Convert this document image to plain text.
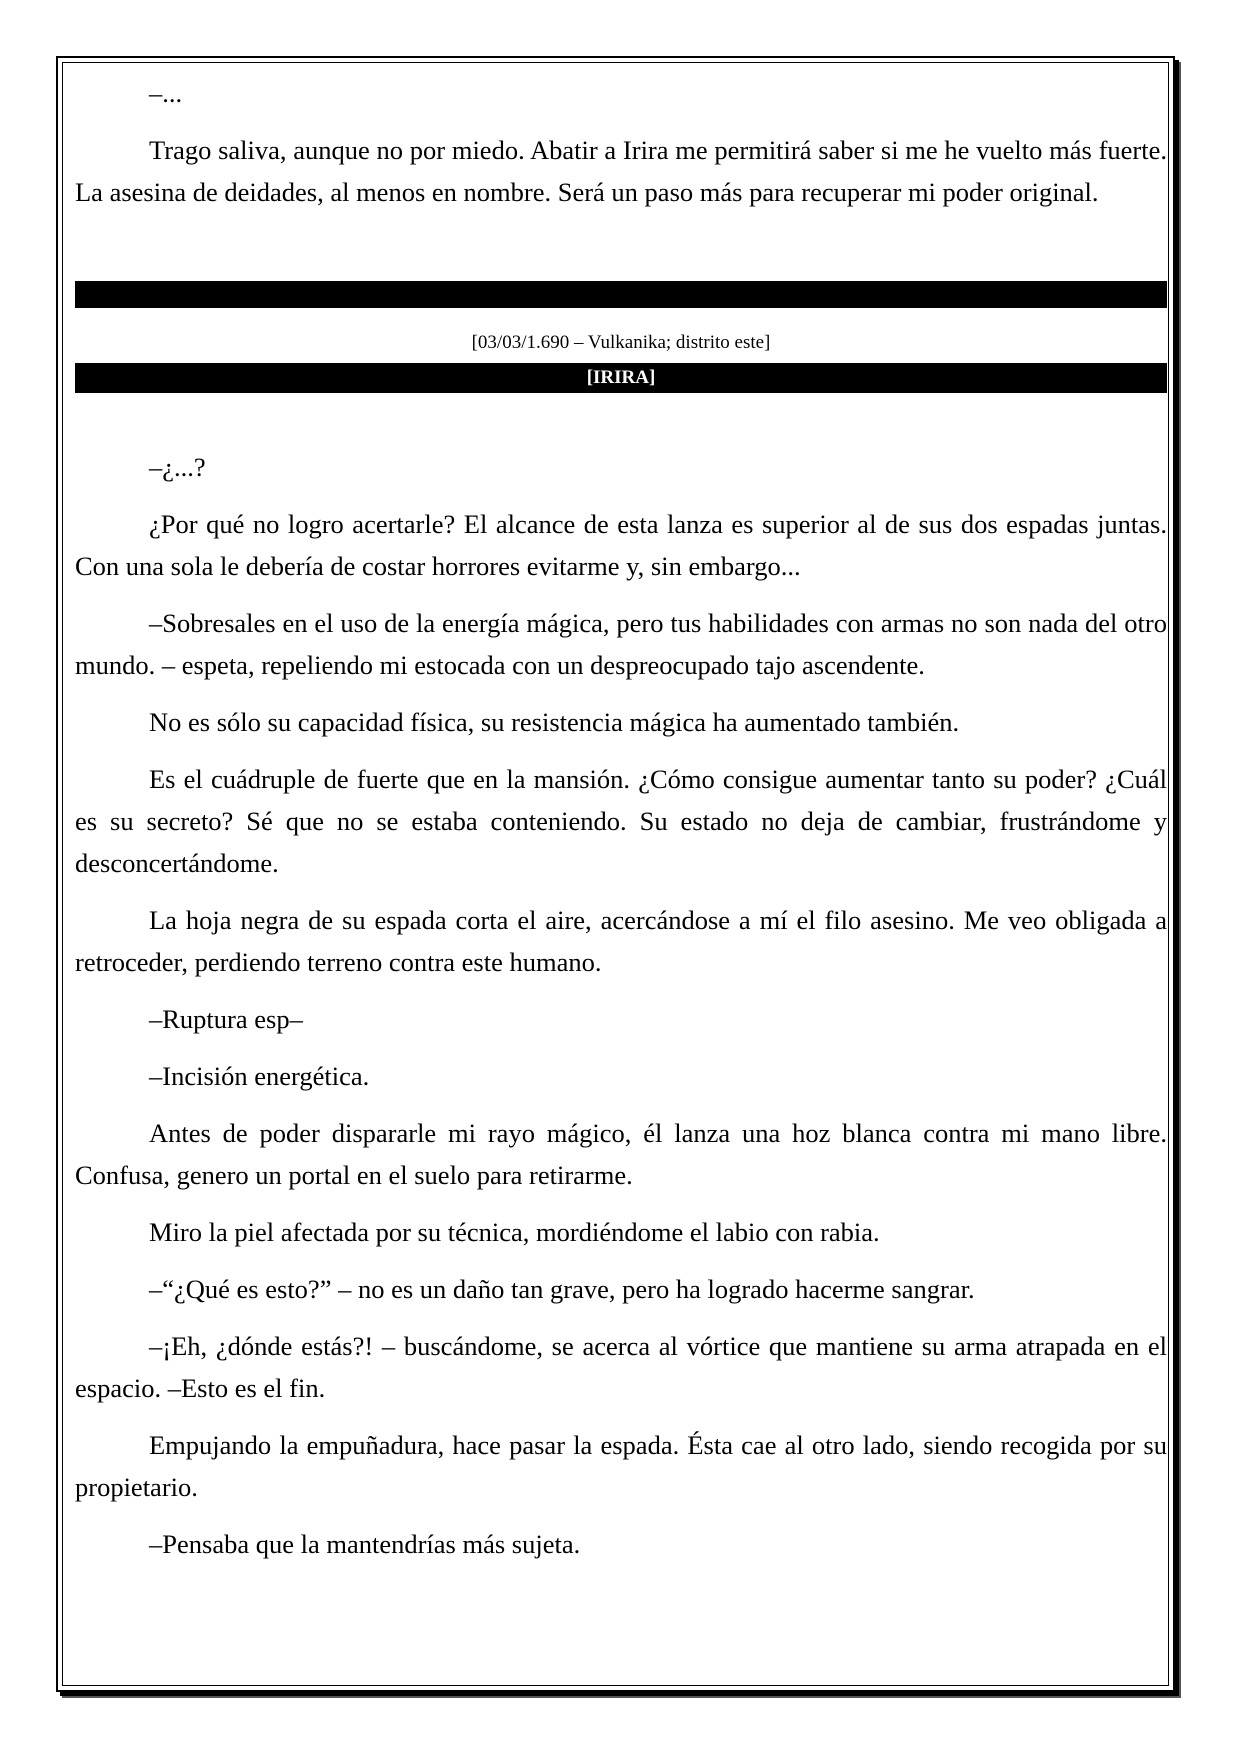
–...

Trago saliva, aunque no por miedo. Abatir a Irira me permitirá saber si me he vuelto más fuerte. La asesina de deidades, al menos en nombre. Será un paso más para recuperar mi poder original.

[03/03/1.690 – Vulkanika; distrito este]
[IRIRA]

–¿...?

¿Por qué no logro acertarle? El alcance de esta lanza es superior al de sus dos espadas juntas. Con una sola le debería de costar horrores evitarme y, sin embargo...

–Sobresales en el uso de la energía mágica, pero tus habilidades con armas no son nada del otro mundo. – espeta, repeliendo mi estocada con un despreocupado tajo ascendente.

No es sólo su capacidad física, su resistencia mágica ha aumentado también.

Es el cuádruple de fuerte que en la mansión. ¿Cómo consigue aumentar tanto su poder? ¿Cuál es su secreto? Sé que no se estaba conteniendo. Su estado no deja de cambiar, frustrándome y desconcertándome.

La hoja negra de su espada corta el aire, acercándose a mí el filo asesino. Me veo obligada a retroceder, perdiendo terreno contra este humano.

–Ruptura esp–

–Incisión energética.

Antes de poder dispararle mi rayo mágico, él lanza una hoz blanca contra mi mano libre. Confusa, genero un portal en el suelo para retirarme.

Miro la piel afectada por su técnica, mordiéndome el labio con rabia.

–“¿Qué es esto?” – no es un daño tan grave, pero ha logrado hacerme sangrar.

–¡Eh, ¿dónde estás?! – buscándome, se acerca al vórtice que mantiene su arma atrapada en el espacio. –Esto es el fin.

Empujando la empuñadura, hace pasar la espada. Ésta cae al otro lado, siendo recogida por su propietario.

–Pensaba que la mantendrías más sujeta.
